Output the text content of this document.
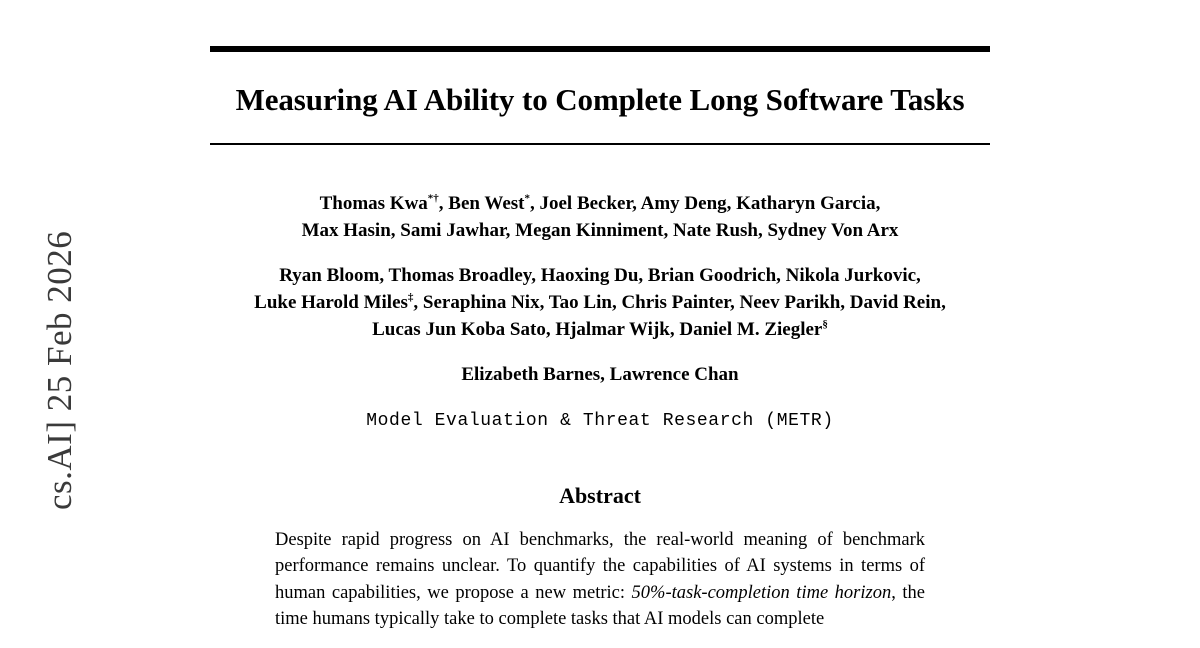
cs.AI] 25 Feb 2026
Measuring AI Ability to Complete Long Software Tasks
Thomas Kwa*†, Ben West*, Joel Becker, Amy Deng, Katharyn Garcia,
Max Hasin, Sami Jawhar, Megan Kinniment, Nate Rush, Sydney Von Arx
Ryan Bloom, Thomas Broadley, Haoxing Du, Brian Goodrich, Nikola Jurkovic,
Luke Harold Miles‡, Seraphina Nix, Tao Lin, Chris Painter, Neev Parikh, David Rein,
Lucas Jun Koba Sato, Hjalmar Wijk, Daniel M. Ziegler§
Elizabeth Barnes, Lawrence Chan
Model Evaluation & Threat Research (METR)
Abstract
Despite rapid progress on AI benchmarks, the real-world meaning of benchmark performance remains unclear. To quantify the capabilities of AI systems in terms of human capabilities, we propose a new metric: 50%-task-completion time horizon, the time humans typically take to complete tasks that AI models can complete
